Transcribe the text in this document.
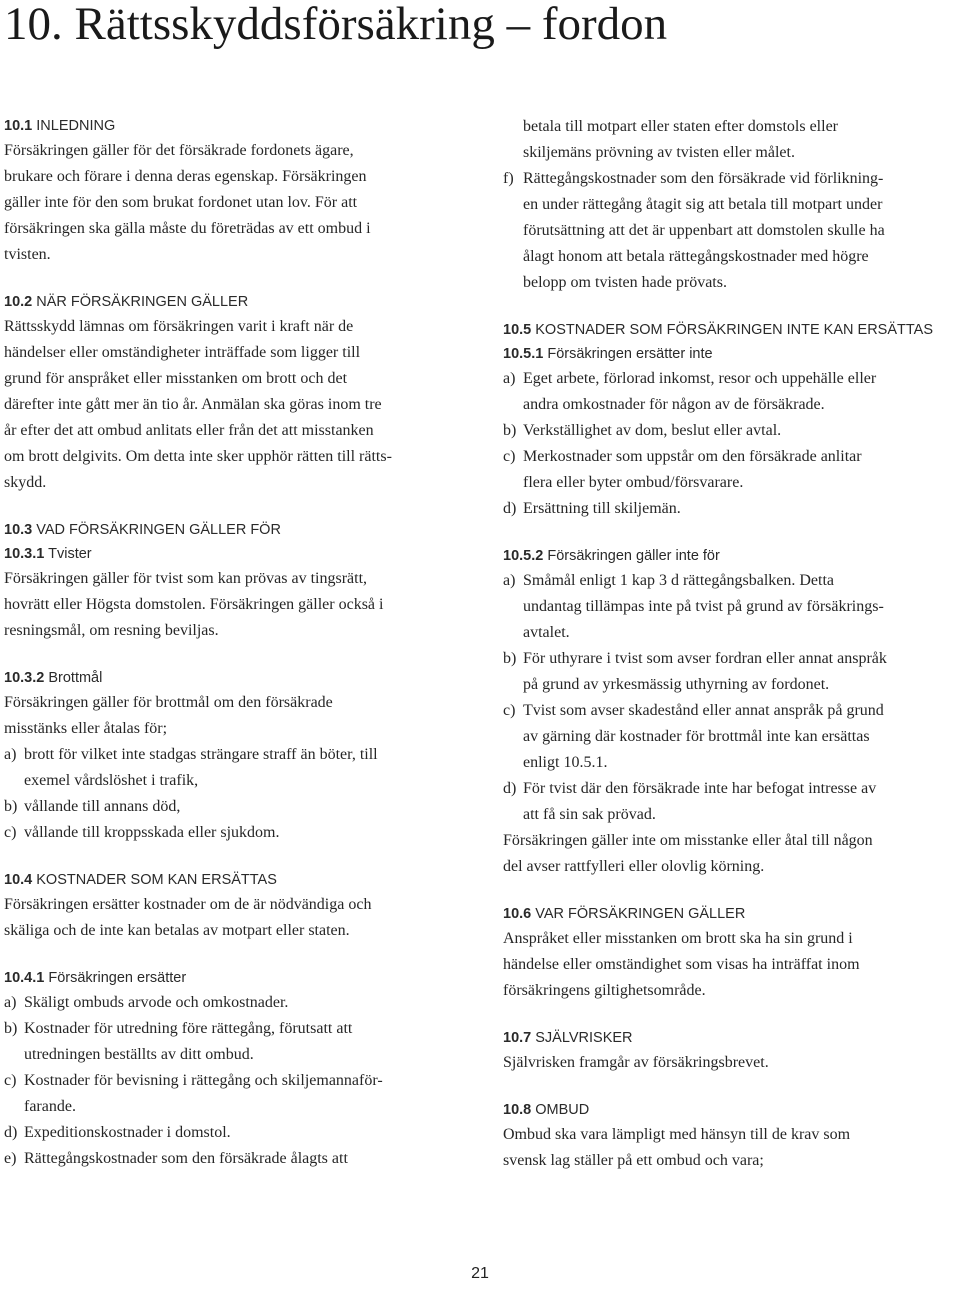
10. Rättsskyddsförsäkring – fordon

10.1 INLEDNING

Försäkringen gäller för det försäkrade fordonets ägare,

brukare och förare i denna deras egenskap. Försäkringen

gäller inte för den som brukat fordonet utan lov. För att

försäkringen ska gälla måste du företrädas av ett ombud i

tvisten.

10.2 NÄR FÖRSÄKRINGEN GÄLLER

Rättsskydd lämnas om försäkringen varit i kraft när de

händelser eller omständigheter inträffade som ligger till

grund för anspråket eller misstanken om brott och det

därefter inte gått mer än tio år. Anmälan ska göras inom tre

år efter det att ombud anlitats eller från det att misstanken

om brott delgivits. Om detta inte sker upphör rätten till rätts-

skydd.

10.3 VAD FÖRSÄKRINGEN GÄLLER FÖR

10.3.1 Tvister

Försäkringen gäller för tvist som kan prövas av tingsrätt,

hovrätt eller Högsta domstolen. Försäkringen gäller också i

resningsmål, om resning beviljas.

10.3.2 Brottmål

Försäkringen gäller för brottmål om den försäkrade

misstänks eller åtalas för;

a) brott för vilket inte stadgas strängare straff än böter, till

exemel vårdslöshet i trafik,

b) vållande till annans död,

c) vållande till kroppsskada eller sjukdom.

10.4 KOSTNADER SOM KAN ERSÄTTAS

Försäkringen ersätter kostnader om de är nödvändiga och

skäliga och de inte kan betalas av motpart eller staten.

10.4.1 Försäkringen ersätter

a) Skäligt ombuds arvode och omkostnader.

b) Kostnader för utredning före rättegång, förutsatt att

utredningen beställts av ditt ombud.

c) Kostnader för bevisning i rättegång och skiljemannaför-

farande.

d) Expeditionskostnader i domstol.

e) Rättegångskostnader som den försäkrade ålagts att

betala till motpart eller staten efter domstols eller

skiljemäns prövning av tvisten eller målet.

f) Rättegångskostnader som den försäkrade vid förlikning-

en under rättegång åtagit sig att betala till motpart under

förutsättning att det är uppenbart att domstolen skulle ha

ålagt honom att betala rättegångskostnader med högre

belopp om tvisten hade prövats.

10.5 KOSTNADER SOM FÖRSÄKRINGEN INTE KAN ERSÄTTAS

10.5.1 Försäkringen ersätter inte

a) Eget arbete, förlorad inkomst, resor och uppehälle eller

andra omkostnader för någon av de försäkrade.

b) Verkställighet av dom, beslut eller avtal.

c) Merkostnader som uppstår om den försäkrade anlitar

flera eller byter ombud/försvarare.

d) Ersättning till skiljemän.

10.5.2 Försäkringen gäller inte för

a) Småmål enligt 1 kap 3 d rättegångsbalken. Detta

undantag tillämpas inte på tvist på grund av försäkrings-

avtalet.

b) För uthyrare i tvist som avser fordran eller annat anspråk

på grund av yrkesmässig uthyrning av fordonet.

c) Tvist som avser skadestånd eller annat anspråk på grund

av gärning där kostnader för brottmål inte kan ersättas

enligt 10.5.1.

d) För tvist där den försäkrade inte har befogat intresse av

att få sin sak prövad.

Försäkringen gäller inte om misstanke eller åtal till någon

del avser rattfylleri eller olovlig körning.

10.6 VAR FÖRSÄKRINGEN GÄLLER

Anspråket eller misstanken om brott ska ha sin grund i

händelse eller omständighet som visas ha inträffat inom

försäkringens giltighetsområde.

10.7 SJÄLVRISKER

Självrisken framgår av försäkringsbrevet.

10.8 OMBUD

Ombud ska vara lämpligt med hänsyn till de krav som

svensk lag ställer på ett ombud och vara;

21
